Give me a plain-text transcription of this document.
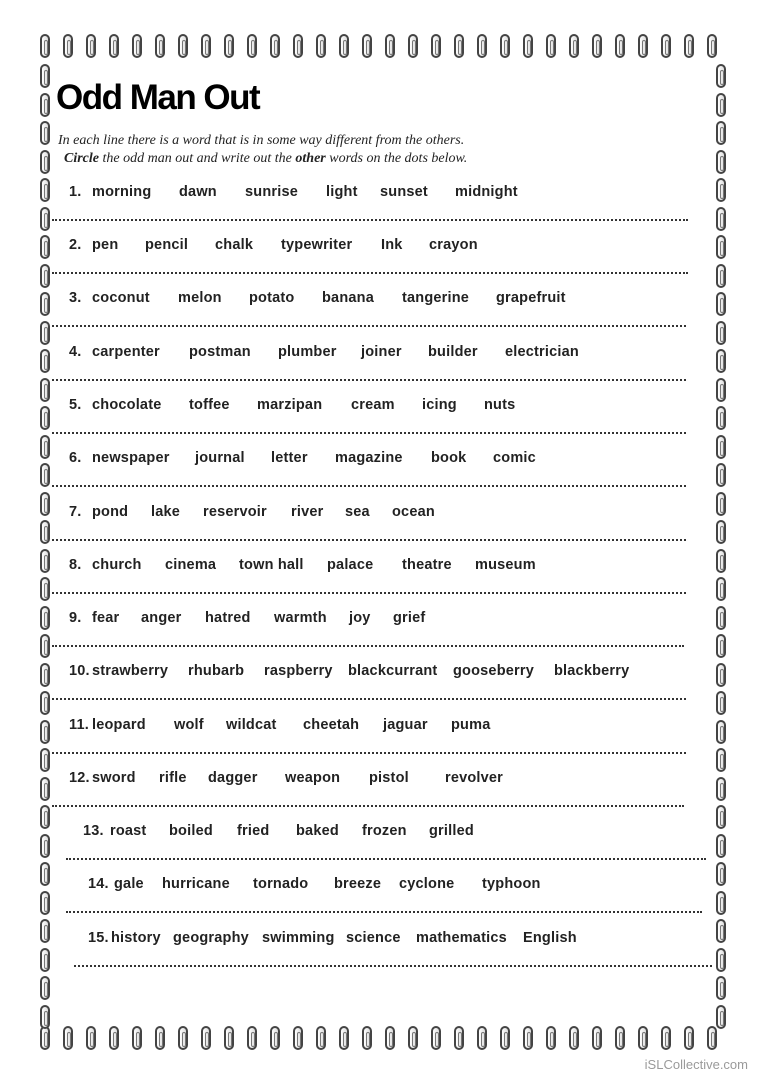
Odd Man Out
In each line there is a word that is in some way different from the others.
Circle the odd man out and write out the other words on the dots below.
1. morning dawn sunrise light sunset midnight
2. pen pencil chalk typewriter Ink crayon
3. coconut melon potato banana tangerine grapefruit
4. carpenter postman plumber joiner builder electrician
5. chocolate toffee marzipan cream icing nuts
6. newspaper journal letter magazine book comic
7. pond lake reservoir river sea ocean
8. church cinema town hall palace theatre museum
9. fear anger hatred warmth joy grief
10. strawberry rhubarb raspberry blackcurrant gooseberry blackberry
11. leopard wolf wildcat cheetah jaguar puma
12. sword rifle dagger weapon pistol revolver
13. roast boiled fried baked frozen grilled
14. gale hurricane tornado breeze cyclone typhoon
15. history geography swimming science mathematics English
iSLCollective.com
